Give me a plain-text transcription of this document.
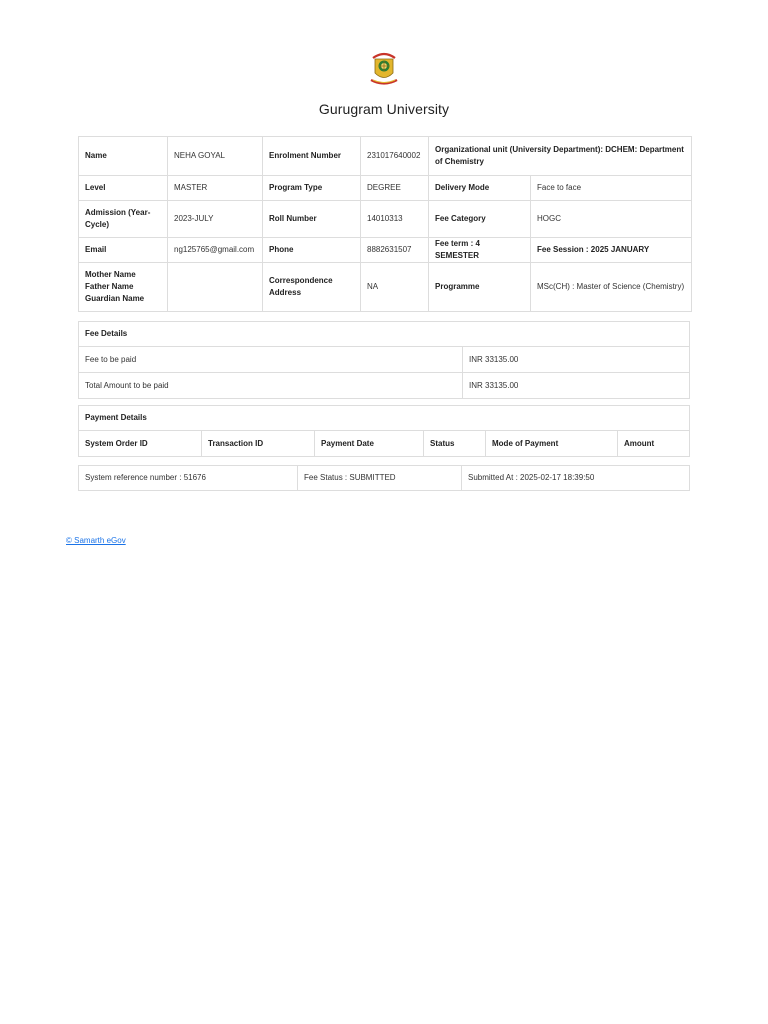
Gurugram University
Name	NEHA GOYAL	Enrolment Number	231017640002	Organizational unit (University Department): DCHEM: Department of Chemistry	
Level	MASTER	Program Type	DEGREE	Delivery Mode	Face to face
Admission (Year-Cycle)	2023-JULY	Roll Number	14010313	Fee Category	HOGC
Email	ng125765@gmail.com	Phone	8882631507	Fee term : 4 SEMESTER	Fee Session : 2025 JANUARY

Mother Name
Father Name
Guardian Name		Correspondence Address	NA	Programme	MSc(CH) : Master of Science (Chemistry)
Fee Details
Fee to be paid	INR 33135.00
Total Amount to be paid	INR 33135.00
Payment Details
System Order ID	Transaction ID	Payment Date	Status	Mode of Payment	Amount
System reference number : 51676	Fee Status : SUBMITTED	Submitted At : 2025-02-17 18:39:50
© Samarth eGov
